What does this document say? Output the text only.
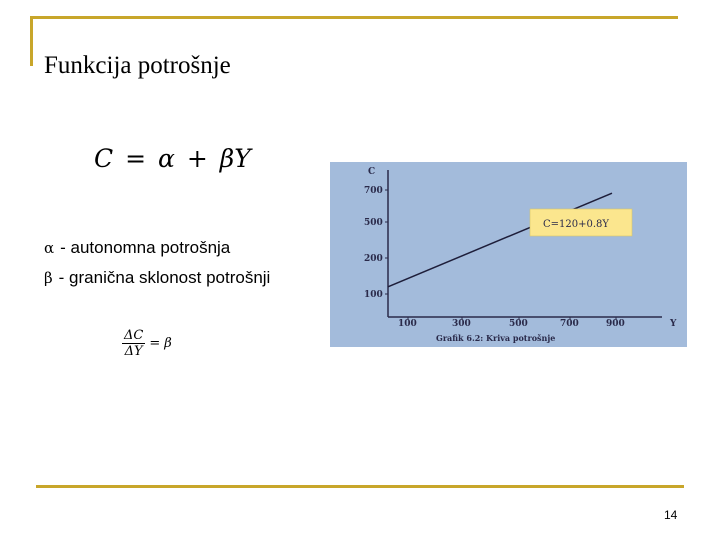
Funkcija potrošnje
C = α + βY
α - autonomna potrošnja
β - granična sklonost potrošnji
$\frac{\Delta C}{\Delta Y} = \beta$
C
Y
100
200
500
700
100	300	500	700	900
C=120+0.8Y
Grafik 6.2: Kriva potrošnje
14
